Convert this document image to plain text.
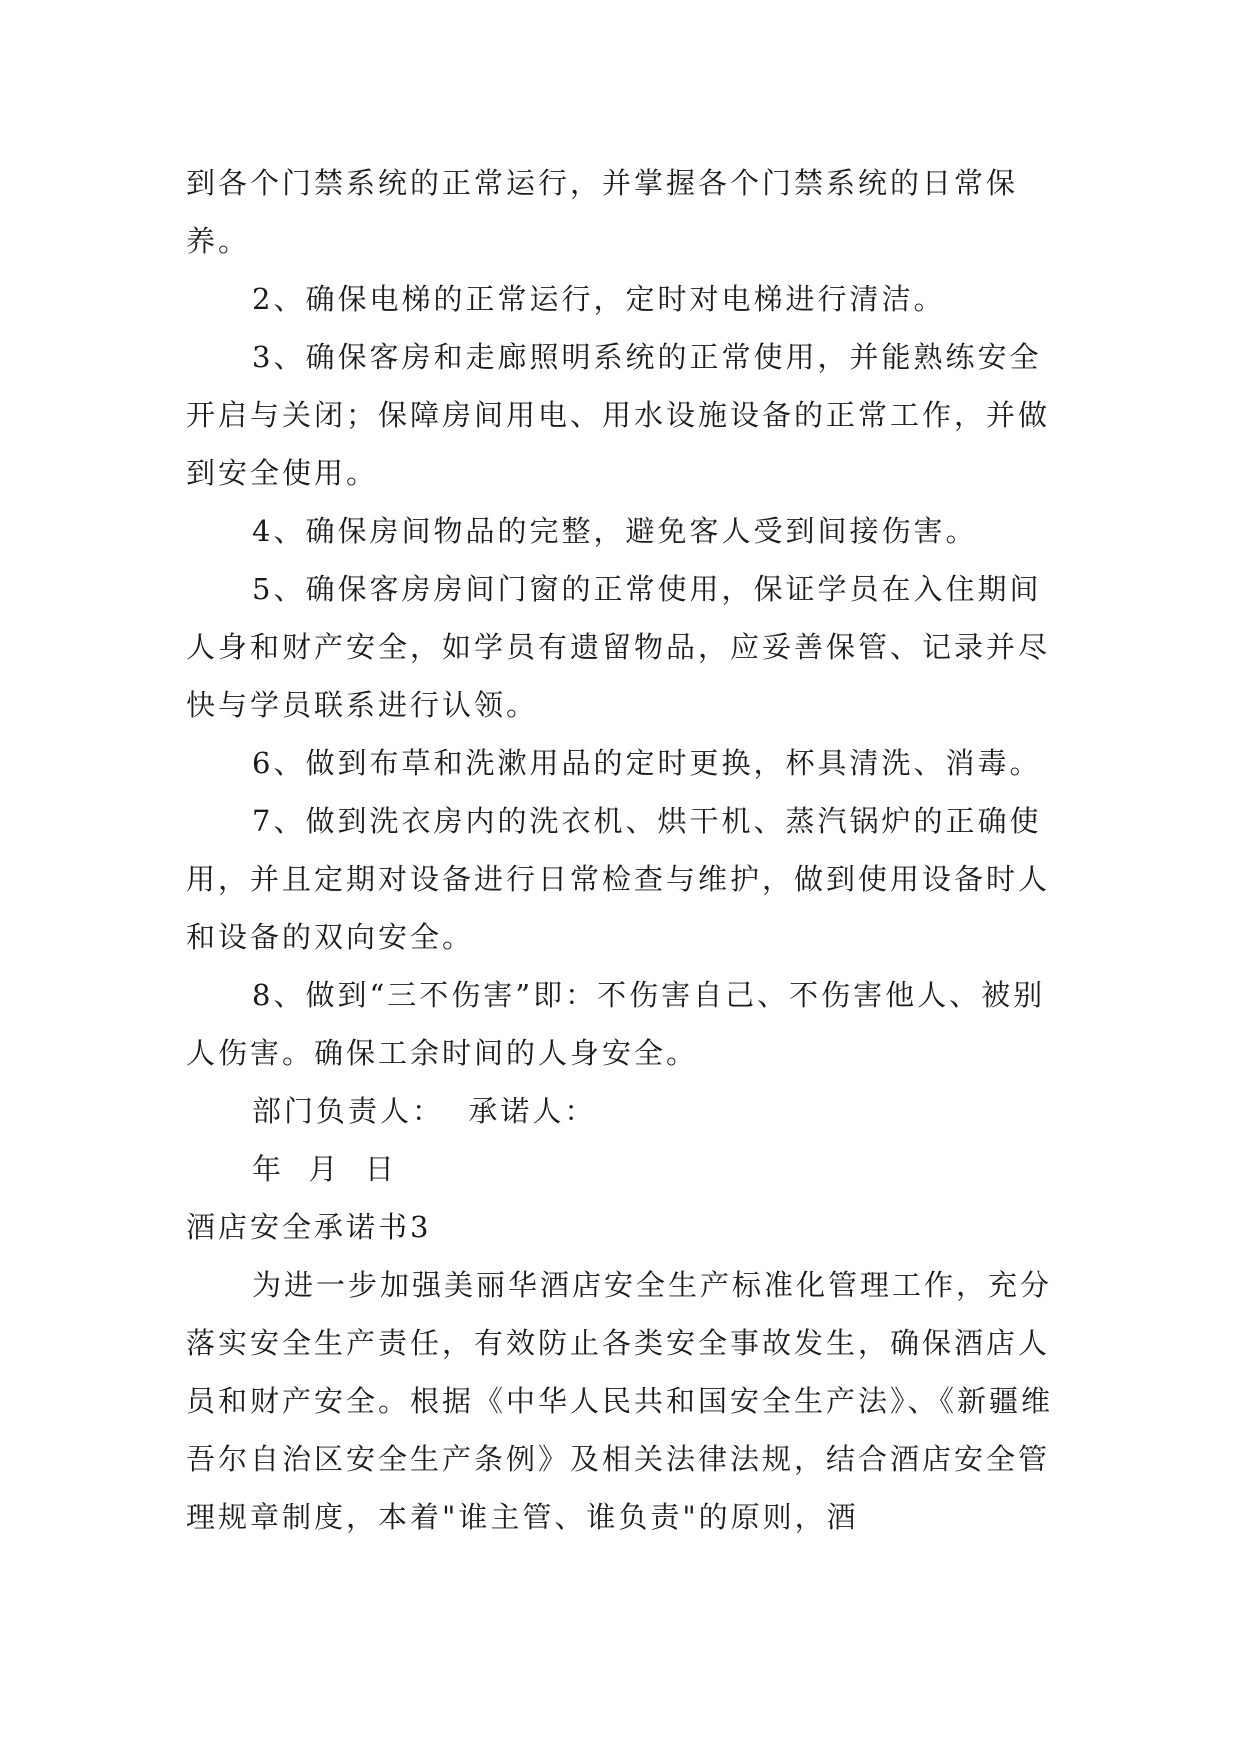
到各个门禁系统的正常运行，并掌握各个门禁系统的日常保养。

2、确保电梯的正常运行，定时对电梯进行清洁。

3、确保客房和走廊照明系统的正常使用，并能熟练安全开启与关闭；保障房间用电、用水设施设备的正常工作，并做到安全使用。

4、确保房间物品的完整，避免客人受到间接伤害。

5、确保客房房间门窗的正常使用，保证学员在入住期间人身和财产安全，如学员有遗留物品，应妥善保管、记录并尽快与学员联系进行认领。

6、做到布草和洗漱用品的定时更换，杯具清洗、消毒。

7、做到洗衣房内的洗衣机、烘干机、蒸汽锅炉的正确使用，并且定期对设备进行日常检查与维护，做到使用设备时人和设备的双向安全。

8、做到“三不伤害”即：不伤害自己、不伤害他人、被别人伤害。确保工余时间的人身安全。

部门负责人：  承诺人：

年  月  日

酒店安全承诺书3

为进一步加强美丽华酒店安全生产标准化管理工作，充分落实安全生产责任，有效防止各类安全事故发生，确保酒店人员和财产安全。根据《中华人民共和国安全生产法》、《新疆维吾尔自治区安全生产条例》及相关法律法规，结合酒店安全管理规章制度，本着"谁主管、谁负责"的原则，酒
